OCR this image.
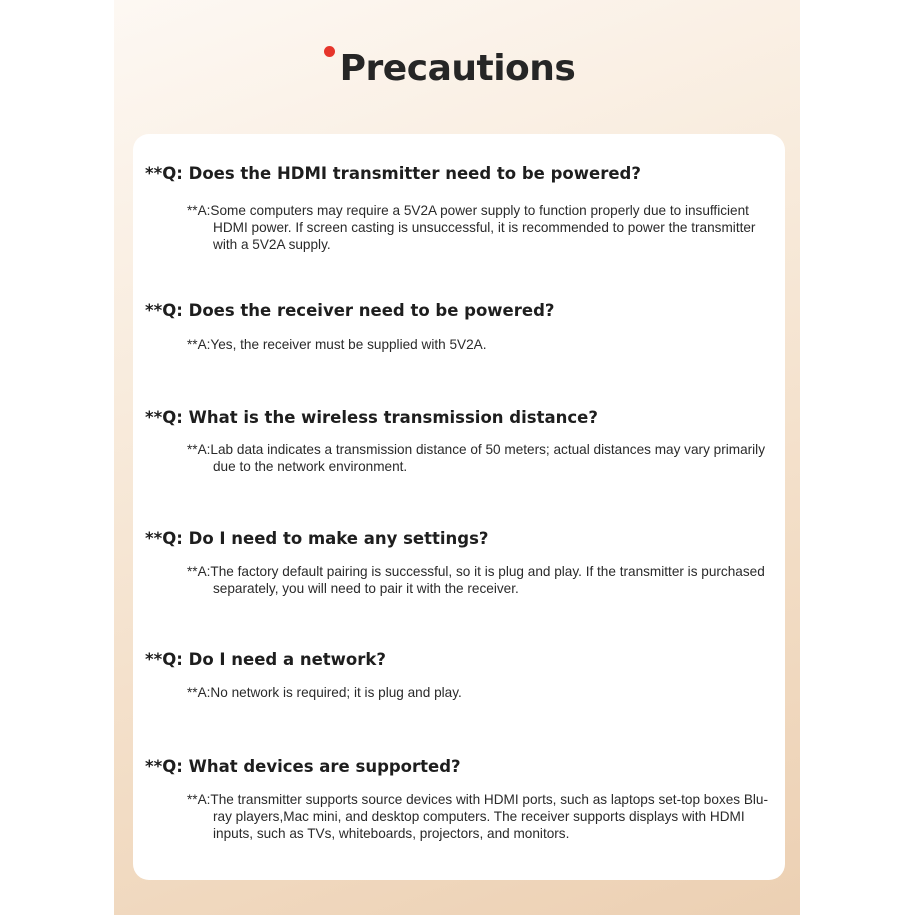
Precautions
**Q: Does the HDMI transmitter need to be powered?
**A:Some computers may require a 5V2A power supply to function properly due to insufficient HDMI power. If screen casting is unsuccessful, it is recommended to power the transmitter with a 5V2A supply.
**Q: Does the receiver need to be powered?
**A:Yes, the receiver must be supplied with 5V2A.
**Q: What is the wireless transmission distance?
**A:Lab data indicates a transmission distance of 50 meters; actual distances may vary primarily due to the network environment.
**Q: Do I need to make any settings?
**A:The factory default pairing is successful, so it is plug and play. If the transmitter is purchased separately, you will need to pair it with the receiver.
**Q: Do I need a network?
**A:No network is required; it is plug and play.
**Q: What devices are supported?
**A:The transmitter supports source devices with HDMI ports, such as laptops set-top boxes Blu-ray players,Mac mini, and desktop computers. The receiver supports displays with HDMI inputs, such as TVs, whiteboards, projectors, and monitors.
